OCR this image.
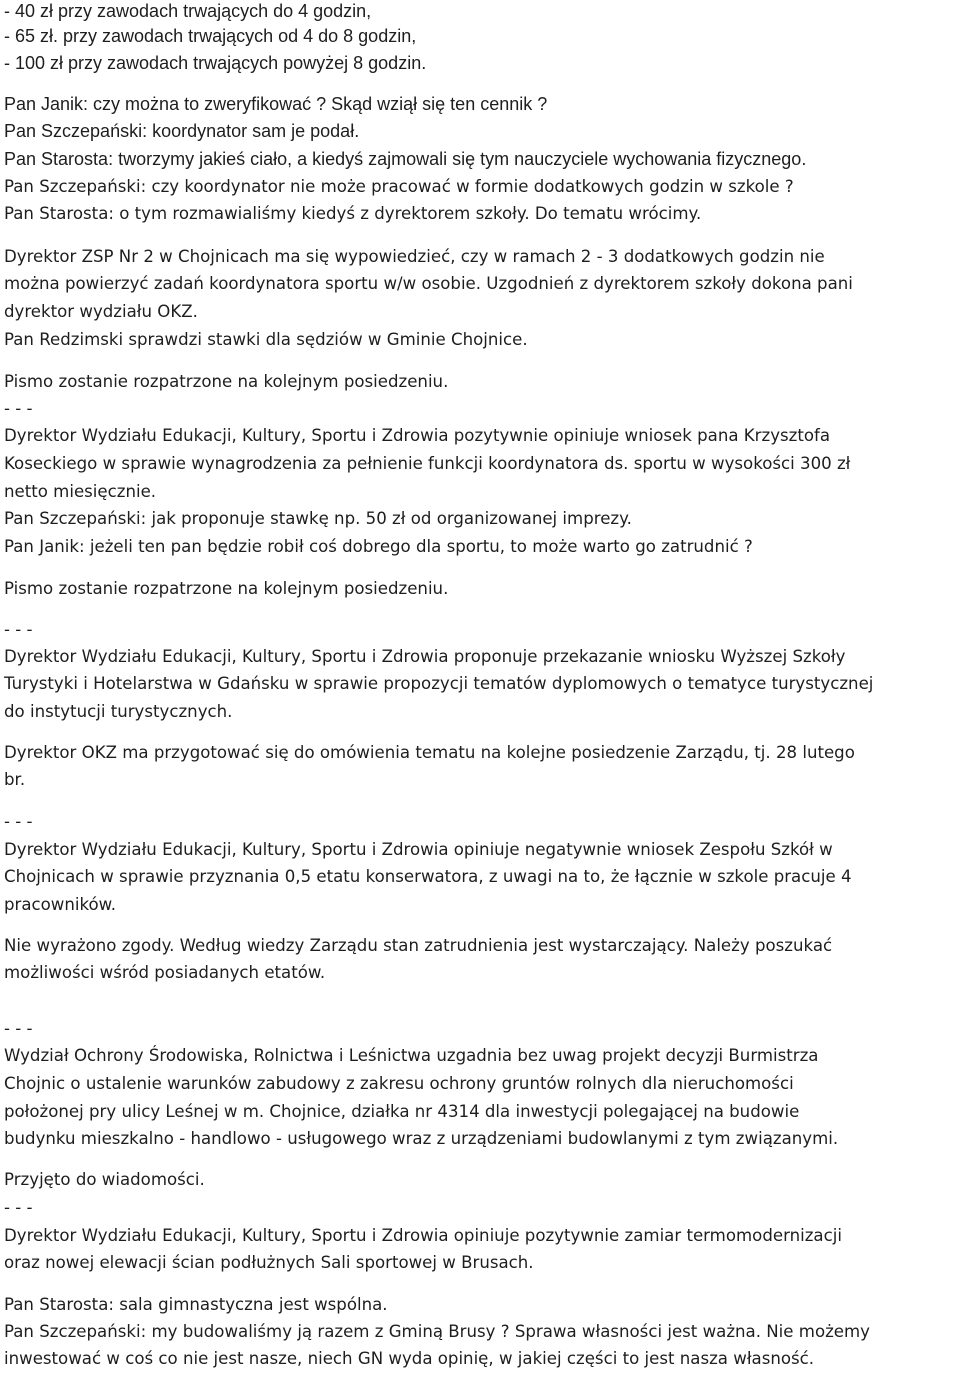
- 40 zł przy zawodach trwających do 4 godzin,
- 65 zł. przy zawodach trwających od 4 do 8 godzin,
- 100 zł przy zawodach trwających powyżej 8 godzin.
Pan Janik: czy można to zweryfikować ? Skąd wziął się ten cennik ?
Pan Szczepański: koordynator sam je podał.
Pan Starosta: tworzymy jakieś ciało, a kiedyś zajmowali się tym nauczyciele wychowania fizycznego.
Pan Szczepański: czy koordynator nie może pracować w formie dodatkowych godzin w szkole ?
Pan Starosta: o tym rozmawialiśmy kiedyś z dyrektorem szkoły. Do tematu wrócimy.
Dyrektor ZSP Nr 2 w Chojnicach ma się wypowiedzieć, czy w ramach 2 - 3 dodatkowych godzin nie
można powierzyć zadań koordynatora sportu w/w osobie. Uzgodnień z dyrektorem szkoły dokona pani
dyrektor wydziału OKZ.
Pan Redzimski sprawdzi stawki dla sędziów w Gminie Chojnice.
Pismo zostanie rozpatrzone na kolejnym posiedzeniu.
- - -
Dyrektor Wydziału Edukacji, Kultury, Sportu i Zdrowia pozytywnie opiniuje wniosek pana Krzysztofa
Koseckiego w sprawie wynagrodzenia za pełnienie funkcji koordynatora ds. sportu w wysokości 300 zł
netto miesięcznie.
Pan Szczepański: jak proponuje stawkę np. 50 zł od organizowanej imprezy.
Pan Janik: jeżeli ten pan będzie robił coś dobrego dla sportu, to może warto go zatrudnić ?
Pismo zostanie rozpatrzone na kolejnym posiedzeniu.
- - -
Dyrektor Wydziału Edukacji, Kultury, Sportu i Zdrowia proponuje przekazanie wniosku Wyższej Szkoły
Turystyki i Hotelarstwa w Gdańsku w sprawie propozycji tematów dyplomowych o tematyce turystycznej
do instytucji turystycznych.
Dyrektor OKZ ma przygotować się do omówienia tematu na kolejne posiedzenie Zarządu, tj. 28 lutego
br.
- - -
Dyrektor Wydziału Edukacji, Kultury, Sportu i Zdrowia opiniuje negatywnie wniosek Zespołu Szkół w
Chojnicach w sprawie przyznania 0,5 etatu konserwatora, z uwagi na to, że łącznie w szkole pracuje 4
pracowników.
Nie wyrażono zgody. Według wiedzy Zarządu stan zatrudnienia jest wystarczający. Należy poszukać
możliwości wśród posiadanych etatów.
- - -
Wydział Ochrony Środowiska, Rolnictwa i Leśnictwa uzgadnia bez uwag projekt decyzji Burmistrza
Chojnic o ustalenie warunków zabudowy z zakresu ochrony gruntów rolnych dla nieruchomości
położonej pry ulicy Leśnej w m. Chojnice, działka nr 4314 dla inwestycji polegającej na budowie
budynku mieszkalno - handlowo - usługowego wraz z urządzeniami budowlanymi z tym związanymi.
Przyjęto do wiadomości.
- - -
Dyrektor Wydziału Edukacji, Kultury, Sportu i Zdrowia opiniuje pozytywnie zamiar termomodernizacji
oraz nowej elewacji ścian podłużnych Sali sportowej w Brusach.
Pan Starosta: sala gimnastyczna jest wspólna.
Pan Szczepański: my budowaliśmy ją razem z Gminą Brusy ? Sprawa własności jest ważna. Nie możemy
inwestować w coś co nie jest nasze, niech GN wyda opinię, w jakiej części to jest nasza własność.
